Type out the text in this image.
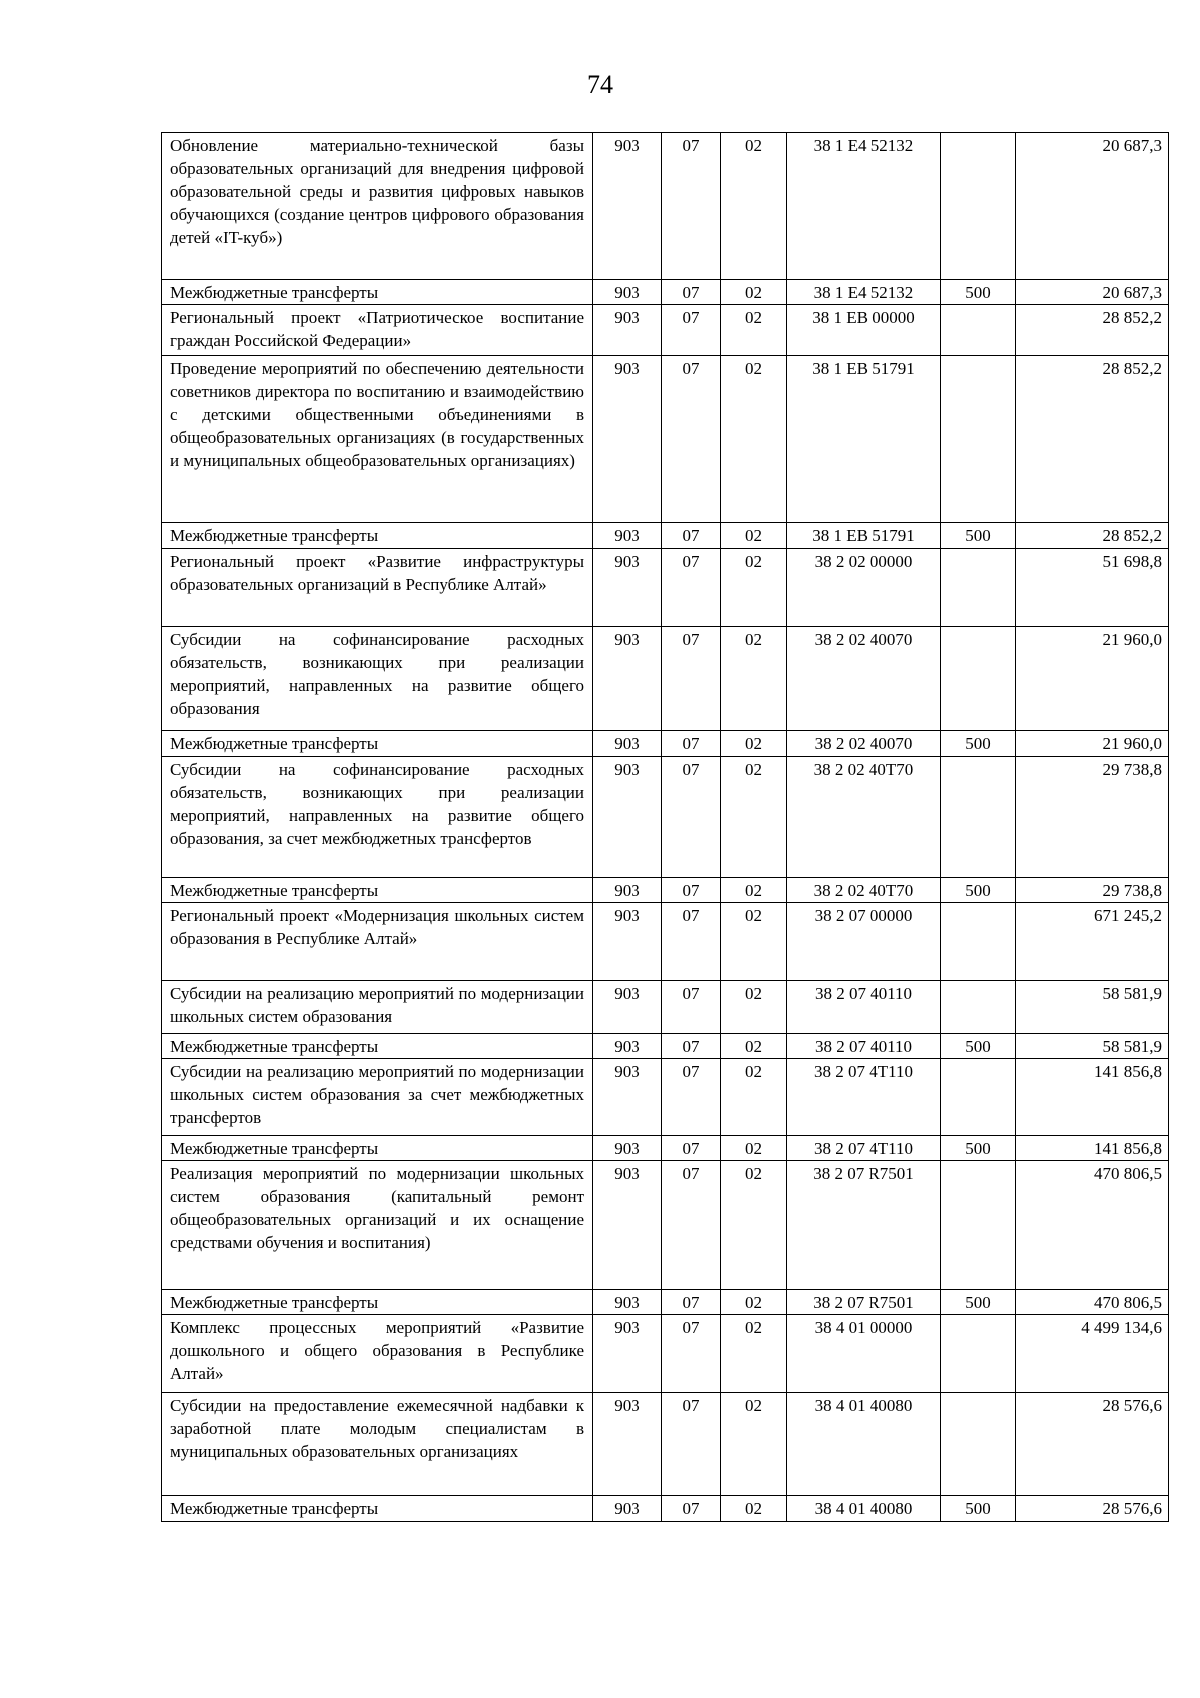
74
Обновление материально-технической базы образовательных организаций для внедрения цифровой образовательной среды и развития цифровых навыков обучающихся (создание центров цифрового образования детей «IT-куб»)	903	07	02	38 1 E4 52132		20 687,3
Межбюджетные трансферты	903	07	02	38 1 E4 52132	500	20 687,3
Региональный проект «Патриотическое воспитание граждан Российской Федерации»	903	07	02	38 1 EB 00000		28 852,2
Проведение мероприятий по обеспечению деятельности советников директора по воспитанию и взаимодействию с детскими общественными объединениями в общеобразовательных организациях (в государственных и муниципальных общеобразовательных организациях)	903	07	02	38 1 EB 51791		28 852,2
Межбюджетные трансферты	903	07	02	38 1 EB 51791	500	28 852,2
Региональный проект «Развитие инфраструктуры образовательных организаций в Республике Алтай»	903	07	02	38 2 02 00000		51 698,8
Субсидии на софинансирование расходных обязательств, возникающих при реализации мероприятий, направленных на развитие общего образования	903	07	02	38 2 02 40070		21 960,0
Межбюджетные трансферты	903	07	02	38 2 02 40070	500	21 960,0
Субсидии на софинансирование расходных обязательств, возникающих при реализации мероприятий, направленных на развитие общего образования, за счет межбюджетных трансфертов	903	07	02	38 2 02 40Т70		29 738,8
Межбюджетные трансферты	903	07	02	38 2 02 40Т70	500	29 738,8
Региональный проект «Модернизация школьных систем образования в Республике Алтай»	903	07	02	38 2 07 00000		671 245,2
Субсидии на реализацию мероприятий по модернизации школьных систем образования	903	07	02	38 2 07 40110		58 581,9
Межбюджетные трансферты	903	07	02	38 2 07 40110	500	58 581,9
Субсидии на реализацию мероприятий по модернизации школьных систем образования за счет межбюджетных трансфертов	903	07	02	38 2 07 4Т110		141 856,8
Межбюджетные трансферты	903	07	02	38 2 07 4Т110	500	141 856,8
Реализация мероприятий по модернизации школьных систем образования (капитальный ремонт общеобразовательных организаций и их оснащение средствами обучения и воспитания)	903	07	02	38 2 07 R7501		470 806,5
Межбюджетные трансферты	903	07	02	38 2 07 R7501	500	470 806,5
Комплекс процессных мероприятий «Развитие дошкольного и общего образования в Республике Алтай»	903	07	02	38 4 01 00000		4 499 134,6
Субсидии на предоставление ежемесячной надбавки к заработной плате молодым специалистам в муниципальных образовательных организациях	903	07	02	38 4 01 40080		28 576,6
Межбюджетные трансферты	903	07	02	38 4 01 40080	500	28 576,6
